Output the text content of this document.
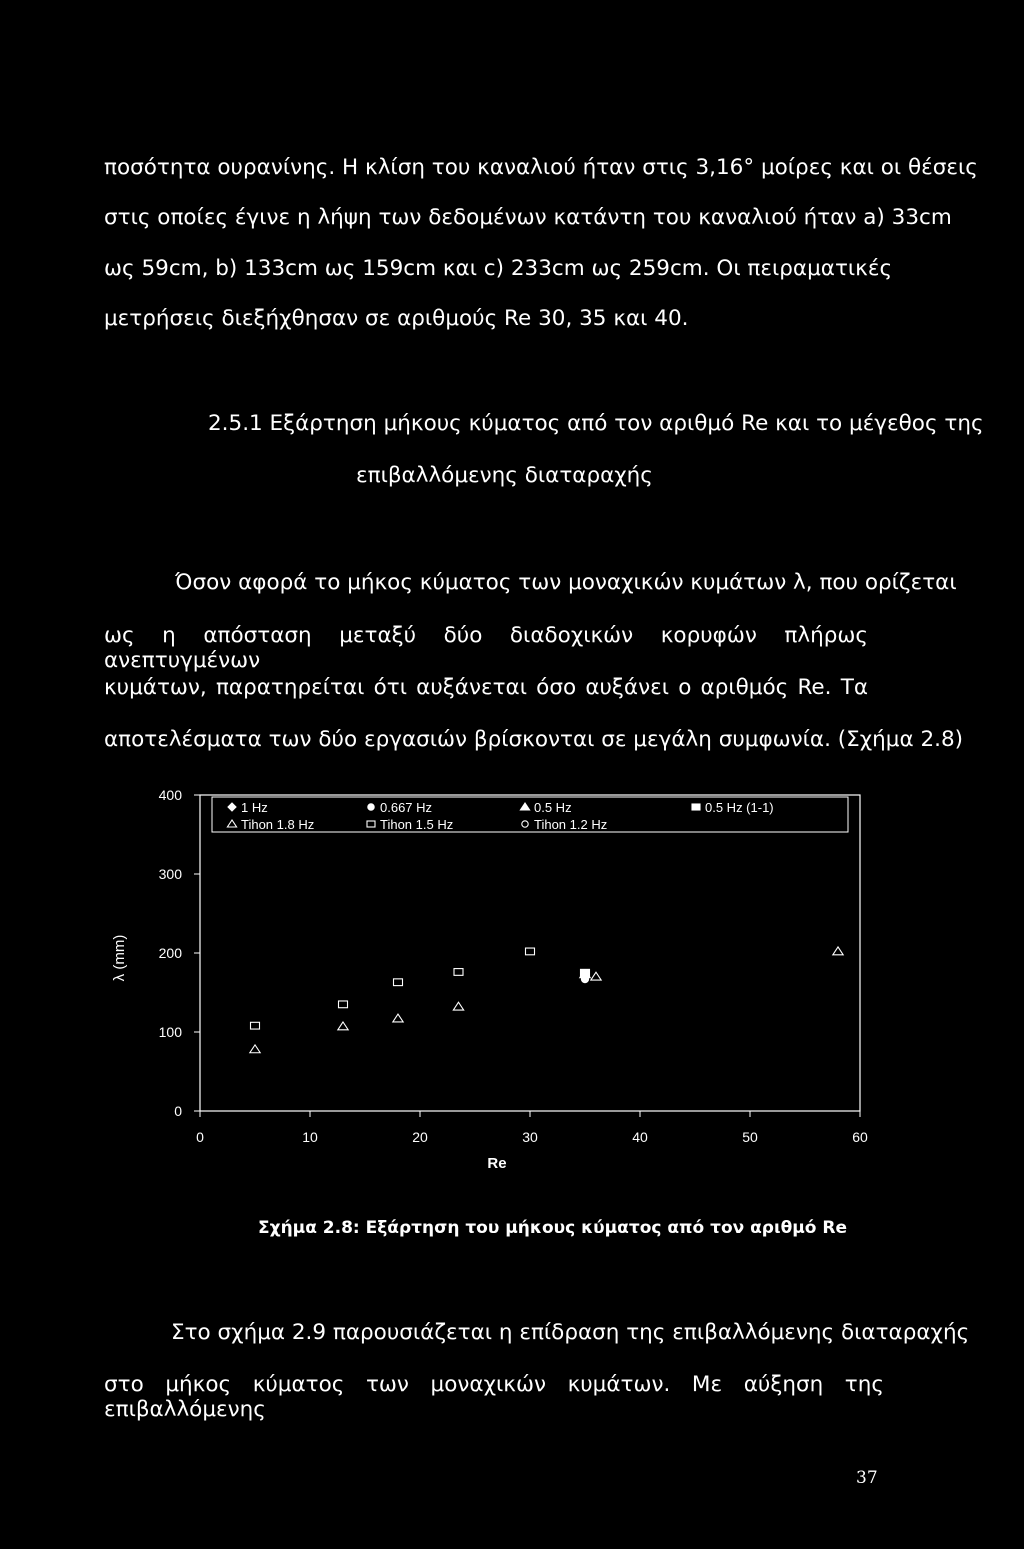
ποσότητα ουρανίνης. Η κλίση του καναλιού ήταν στις 3,16° μοίρες και οι θέσεις
στις οποίες έγινε η λήψη των δεδομένων κατάντη του καναλιού ήταν a) 33cm
ως 59cm, b) 133cm ως 159cm και c) 233cm ως 259cm. Οι πειραματικές
μετρήσεις διεξήχθησαν σε αριθμούς Re 30, 35 και 40.
2.5.1 Εξάρτηση μήκους κύματος από τον αριθμό Re και το μέγεθος της
επιβαλλόμενης διαταραχής
Όσον αφορά το μήκος κύματος των μοναχικών κυμάτων λ, που ορίζεται
ως η απόσταση μεταξύ δύο διαδοχικών κορυφών πλήρως ανεπτυγμένων
κυμάτων, παρατηρείται ότι αυξάνεται όσο αυξάνει ο αριθμός Re. Τα
αποτελέσματα των δύο εργασιών βρίσκονται σε μεγάλη συμφωνία. (Σχήμα 2.8)
0
100
200
300
400
0	10	20	30	40	50	60
1 Hz	0.667 Hz	0.5 Hz	0.5 Hz (1-1)
Tihon 1.8 Hz	Tihon 1.5 Hz	Tihon 1.2 Hz
Re
λ (mm)
Σχήμα 2.8: Εξάρτηση του μήκους κύματος από τον αριθμό Re
Στο σχήμα 2.9 παρουσιάζεται η επίδραση της επιβαλλόμενης διαταραχής
στο μήκος κύματος των μοναχικών κυμάτων. Με αύξηση της επιβαλλόμενης
37
